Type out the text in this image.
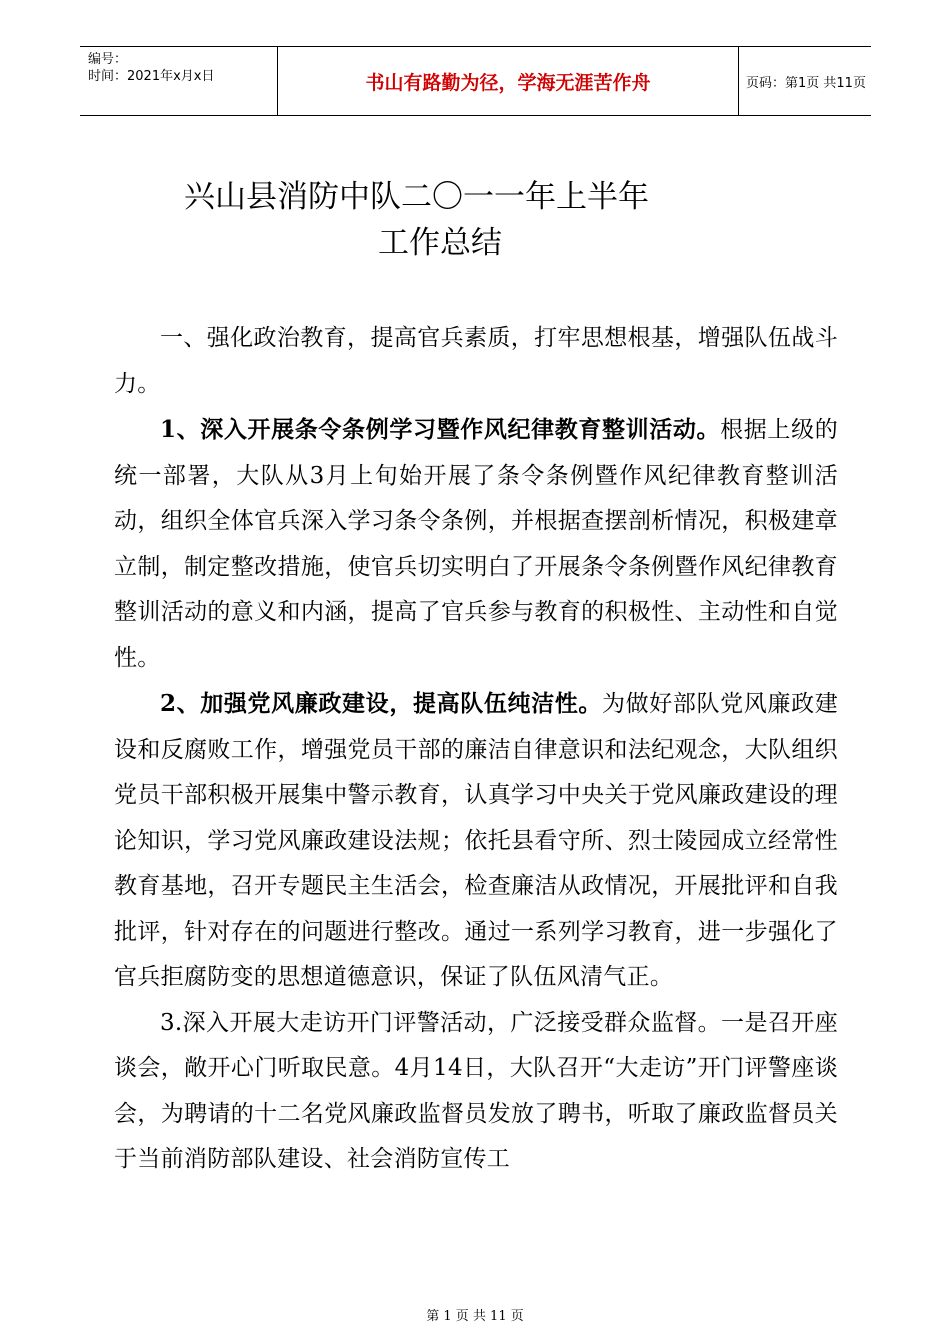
编号：
时间：2021年x月x日	书山有路勤为径，学海无涯苦作舟	页码：第1页 共11页
兴山县消防中队二〇一一年上半年
工作总结

一、强化政治教育，提高官兵素质，打牢思想根基，增强队伍战斗力。

1、深入开展条令条例学习暨作风纪律教育整训活动。根据上级的统一部署，大队从3月上旬始开展了条令条例暨作风纪律教育整训活动，组织全体官兵深入学习条令条例，并根据查摆剖析情况，积极建章立制，制定整改措施，使官兵切实明白了开展条令条例暨作风纪律教育整训活动的意义和内涵，提高了官兵参与教育的积极性、主动性和自觉性。

2、加强党风廉政建设，提高队伍纯洁性。为做好部队党风廉政建设和反腐败工作，增强党员干部的廉洁自律意识和法纪观念，大队组织党员干部积极开展集中警示教育，认真学习中央关于党风廉政建设的理论知识，学习党风廉政建设法规；依托县看守所、烈士陵园成立经常性教育基地，召开专题民主生活会，检查廉洁从政情况，开展批评和自我批评，针对存在的问题进行整改。通过一系列学习教育，进一步强化了官兵拒腐防变的思想道德意识，保证了队伍风清气正。

3.深入开展大走访开门评警活动，广泛接受群众监督。一是召开座谈会，敞开心门听取民意。4月14日，大队召开“大走访”开门评警座谈会，为聘请的十二名党风廉政监督员发放了聘书，听取了廉政监督员关于当前消防部队建设、社会消防宣传工

第 1 页 共 11 页
